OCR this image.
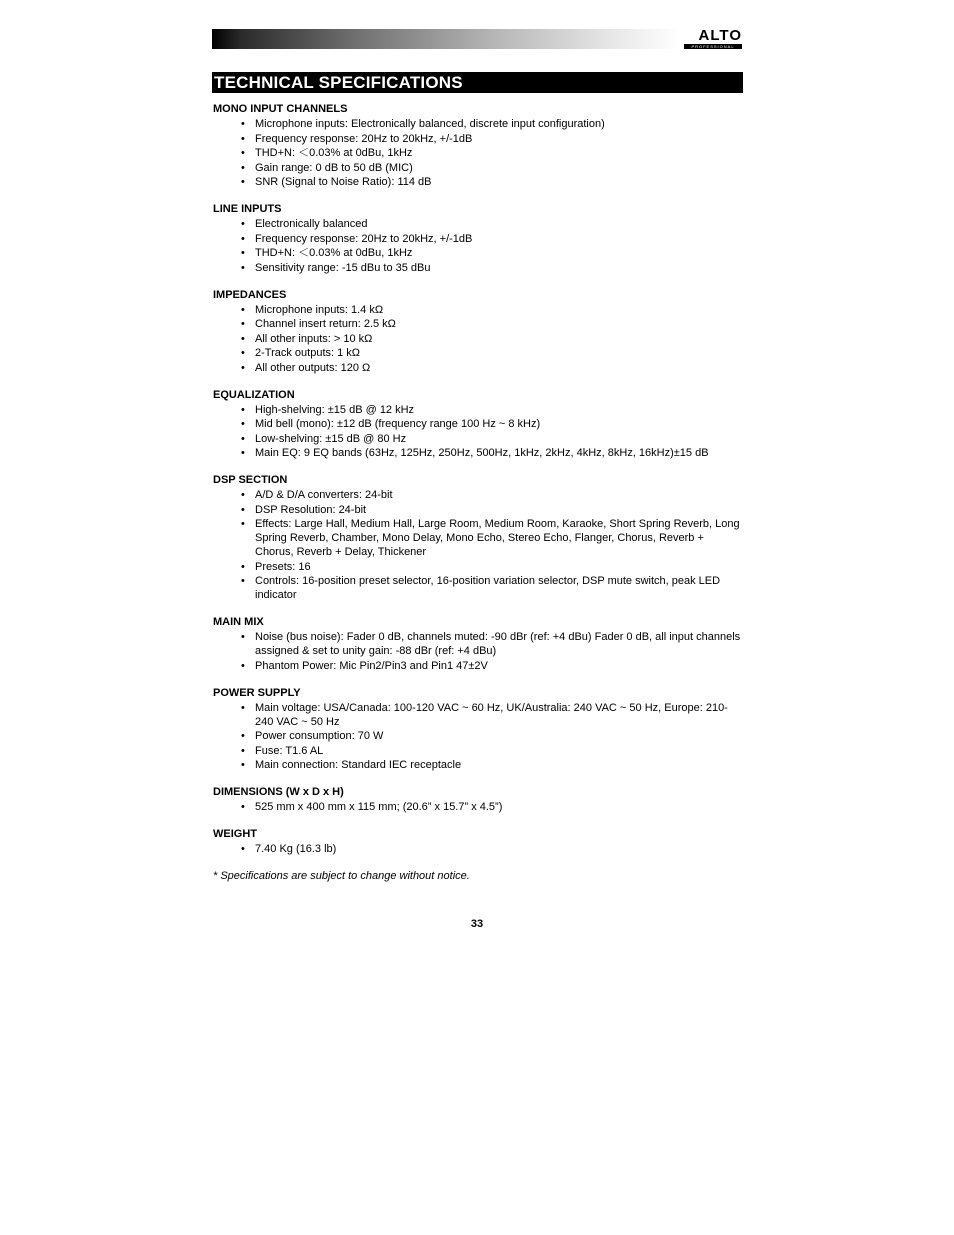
ALTO
PROFESSIONAL
TECHNICAL SPECIFICATIONS
MONO INPUT CHANNELS
• Microphone inputs: Electronically balanced, discrete input configuration)
• Frequency response: 20Hz to 20kHz, +/-1dB
• THD+N: ＜0.03% at 0dBu, 1kHz
• Gain range: 0 dB to 50 dB (MIC)
• SNR (Signal to Noise Ratio): 114 dB
LINE INPUTS
• Electronically balanced
• Frequency response: 20Hz to 20kHz, +/-1dB
• THD+N: ＜0.03% at 0dBu, 1kHz
• Sensitivity range: -15 dBu to 35 dBu
IMPEDANCES
• Microphone inputs: 1.4 kΩ
• Channel insert return: 2.5 kΩ
• All other inputs: > 10 kΩ
• 2-Track outputs: 1 kΩ
• All other outputs: 120 Ω
EQUALIZATION
• High-shelving: ±15 dB @ 12 kHz
• Mid bell (mono): ±12 dB (frequency range 100 Hz ~ 8 kHz)
• Low-shelving: ±15 dB @ 80 Hz
• Main EQ: 9 EQ bands (63Hz, 125Hz, 250Hz, 500Hz, 1kHz, 2kHz, 4kHz, 8kHz, 16kHz)±15 dB
DSP SECTION
• A/D & D/A converters: 24-bit
• DSP Resolution: 24-bit
• Effects: Large Hall, Medium Hall, Large Room, Medium Room, Karaoke, Short Spring Reverb, Long Spring Reverb, Chamber, Mono Delay, Mono Echo, Stereo Echo, Flanger, Chorus, Reverb + Chorus, Reverb + Delay, Thickener
• Presets: 16
• Controls: 16-position preset selector, 16-position variation selector, DSP mute switch, peak LED indicator
MAIN MIX
• Noise (bus noise): Fader 0 dB, channels muted: -90 dBr (ref: +4 dBu) Fader 0 dB, all input channels assigned & set to unity gain: -88 dBr (ref: +4 dBu)
• Phantom Power: Mic Pin2/Pin3 and Pin1 47±2V
POWER SUPPLY
• Main voltage: USA/Canada: 100-120 VAC ~ 60 Hz, UK/Australia: 240 VAC ~ 50 Hz, Europe: 210-240 VAC ~ 50 Hz
• Power consumption: 70 W
• Fuse: T1.6 AL
• Main connection: Standard IEC receptacle
DIMENSIONS (W x D x H)
• 525 mm x 400 mm x 115 mm; (20.6” x 15.7” x 4.5”)
WEIGHT
• 7.40 Kg (16.3 lb)
* Specifications are subject to change without notice.
33
